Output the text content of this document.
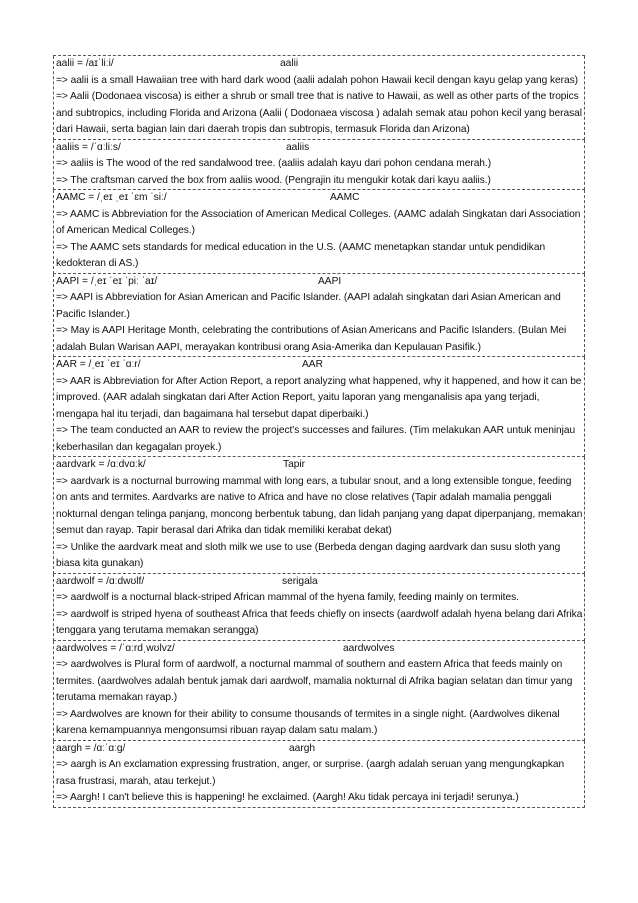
aalii = /aɪˈliːi/	aalii

=> aalii is a small Hawaiian tree with hard dark wood (aalii adalah pohon Hawaii kecil dengan kayu gelap yang keras)

=> Aalii (Dodonaea viscosa) is either a shrub or small tree that is native to Hawaii, as well as other parts of the tropics and subtropics, including Florida and Arizona (Aalii ( Dodonaea viscosa ) adalah semak atau pohon kecil yang berasal dari Hawaii, serta bagian lain dari daerah tropis dan subtropis, termasuk Florida dan Arizona)

aaliis = /ˈɑːliːs/	aaliis

=> aaliis is The wood of the red sandalwood tree. (aaliis adalah kayu dari pohon cendana merah.)

=> The craftsman carved the box from aaliis wood. (Pengrajin itu mengukir kotak dari kayu aaliis.)

AAMC = /ˌeɪ ˌeɪ ˈɛm ˈsiː/	AAMC

=> AAMC is Abbreviation for the Association of American Medical Colleges. (AAMC adalah Singkatan dari Association of American Medical Colleges.)

=> The AAMC sets standards for medical education in the U.S. (AAMC menetapkan standar untuk pendidikan kedokteran di AS.)

AAPI = /ˌeɪ ˈeɪ ˈpiː ˈaɪ/	AAPI

=> AAPI is Abbreviation for Asian American and Pacific Islander. (AAPI adalah singkatan dari Asian American and Pacific Islander.)

=> May is AAPI Heritage Month, celebrating the contributions of Asian Americans and Pacific Islanders. (Bulan Mei adalah Bulan Warisan AAPI, merayakan kontribusi orang Asia-Amerika dan Kepulauan Pasifik.)

AAR = /ˌeɪ ˈeɪ ˈɑːr/	AAR

=> AAR is Abbreviation for After Action Report, a report analyzing what happened, why it happened, and how it can be improved. (AAR adalah singkatan dari After Action Report, yaitu laporan yang menganalisis apa yang terjadi, mengapa hal itu terjadi, dan bagaimana hal tersebut dapat diperbaiki.)

=> The team conducted an AAR to review the project's successes and failures. (Tim melakukan AAR untuk meninjau keberhasilan dan kegagalan proyek.)

aardvark = /ɑːdvɑːk/	Tapir

=> aardvark is a nocturnal burrowing mammal with long ears, a tubular snout, and a long extensible tongue, feeding on ants and termites. Aardvarks are native to Africa and have no close relatives (Tapir adalah mamalia penggali nokturnal dengan telinga panjang, moncong berbentuk tabung, dan lidah panjang yang dapat diperpanjang, memakan semut dan rayap. Tapir berasal dari Afrika dan tidak memiliki kerabat dekat)

=> Unlike the aardvark meat and sloth milk we use to use (Berbeda dengan daging aardvark dan susu sloth yang biasa kita gunakan)

aardwolf = /ɑːdwʊlf/	serigala

=> aardwolf is a nocturnal black-striped African mammal of the hyena family, feeding mainly on termites.

=> aardwolf is striped hyena of southeast Africa that feeds chiefly on insects (aardwolf adalah hyena belang dari Afrika tenggara yang terutama memakan serangga)

aardwolves = /ˈɑːrdˌwʊlvz/	aardwolves

=> aardwolves is Plural form of aardwolf, a nocturnal mammal of southern and eastern Africa that feeds mainly on termites. (aardwolves adalah bentuk jamak dari aardwolf, mamalia nokturnal di Afrika bagian selatan dan timur yang terutama memakan rayap.)

=> Aardwolves are known for their ability to consume thousands of termites in a single night. (Aardwolves dikenal karena kemampuannya mengonsumsi ribuan rayap dalam satu malam.)

aargh = /ɑːˈɑːɡ/	aargh

=> aargh is An exclamation expressing frustration, anger, or surprise. (aargh adalah seruan yang mengungkapkan rasa frustrasi, marah, atau terkejut.)

=> Aargh! I can't believe this is happening! he exclaimed. (Aargh! Aku tidak percaya ini terjadi! serunya.)
